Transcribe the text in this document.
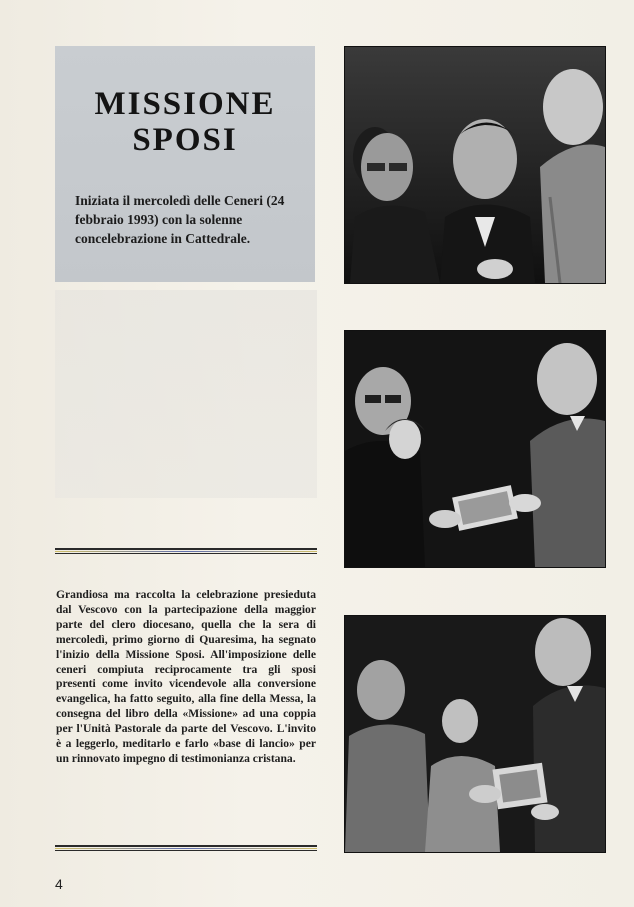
MISSIONE
SPOSI

Iniziata il mercoledì delle Ceneri (24 febbraio 1993) con la solenne concelebrazione in Cattedrale.

Grandiosa ma raccolta la celebrazione presieduta dal Vescovo con la partecipazione della maggior parte del clero diocesano, quella che la sera di mercoledì, primo giorno di Quaresima, ha segnato l'inizio della Missione Sposi. All'imposizione delle ceneri compiuta reciprocamente tra gli sposi presenti come invito vicendevole alla conversione evangelica, ha fatto seguito, alla fine della Messa, la consegna del libro della «Missione» ad una coppia per l'Unità Pastorale da parte del Vescovo. L'invito è a leggerlo, meditarlo e farlo «base di lancio» per un rinnovato impegno di testimonianza cristana.

4
